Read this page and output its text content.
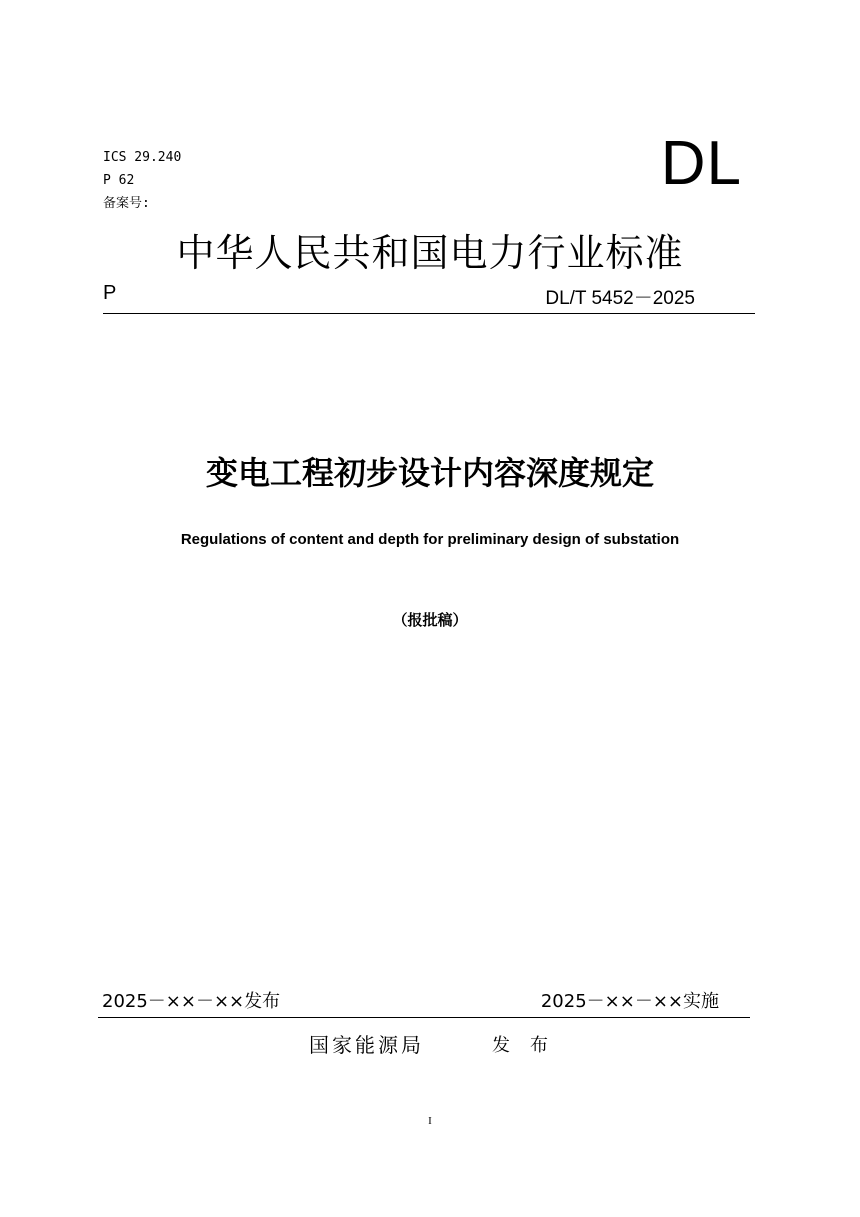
ICS 29.240
P 62
备案号:
DL
中华人民共和国电力行业标准
P	DL/T 5452－2025
变电工程初步设计内容深度规定
Regulations of content and depth for preliminary design of substation
（报批稿）
2025－××－××发布	2025－××－××实施
国家能源局	发布
I
